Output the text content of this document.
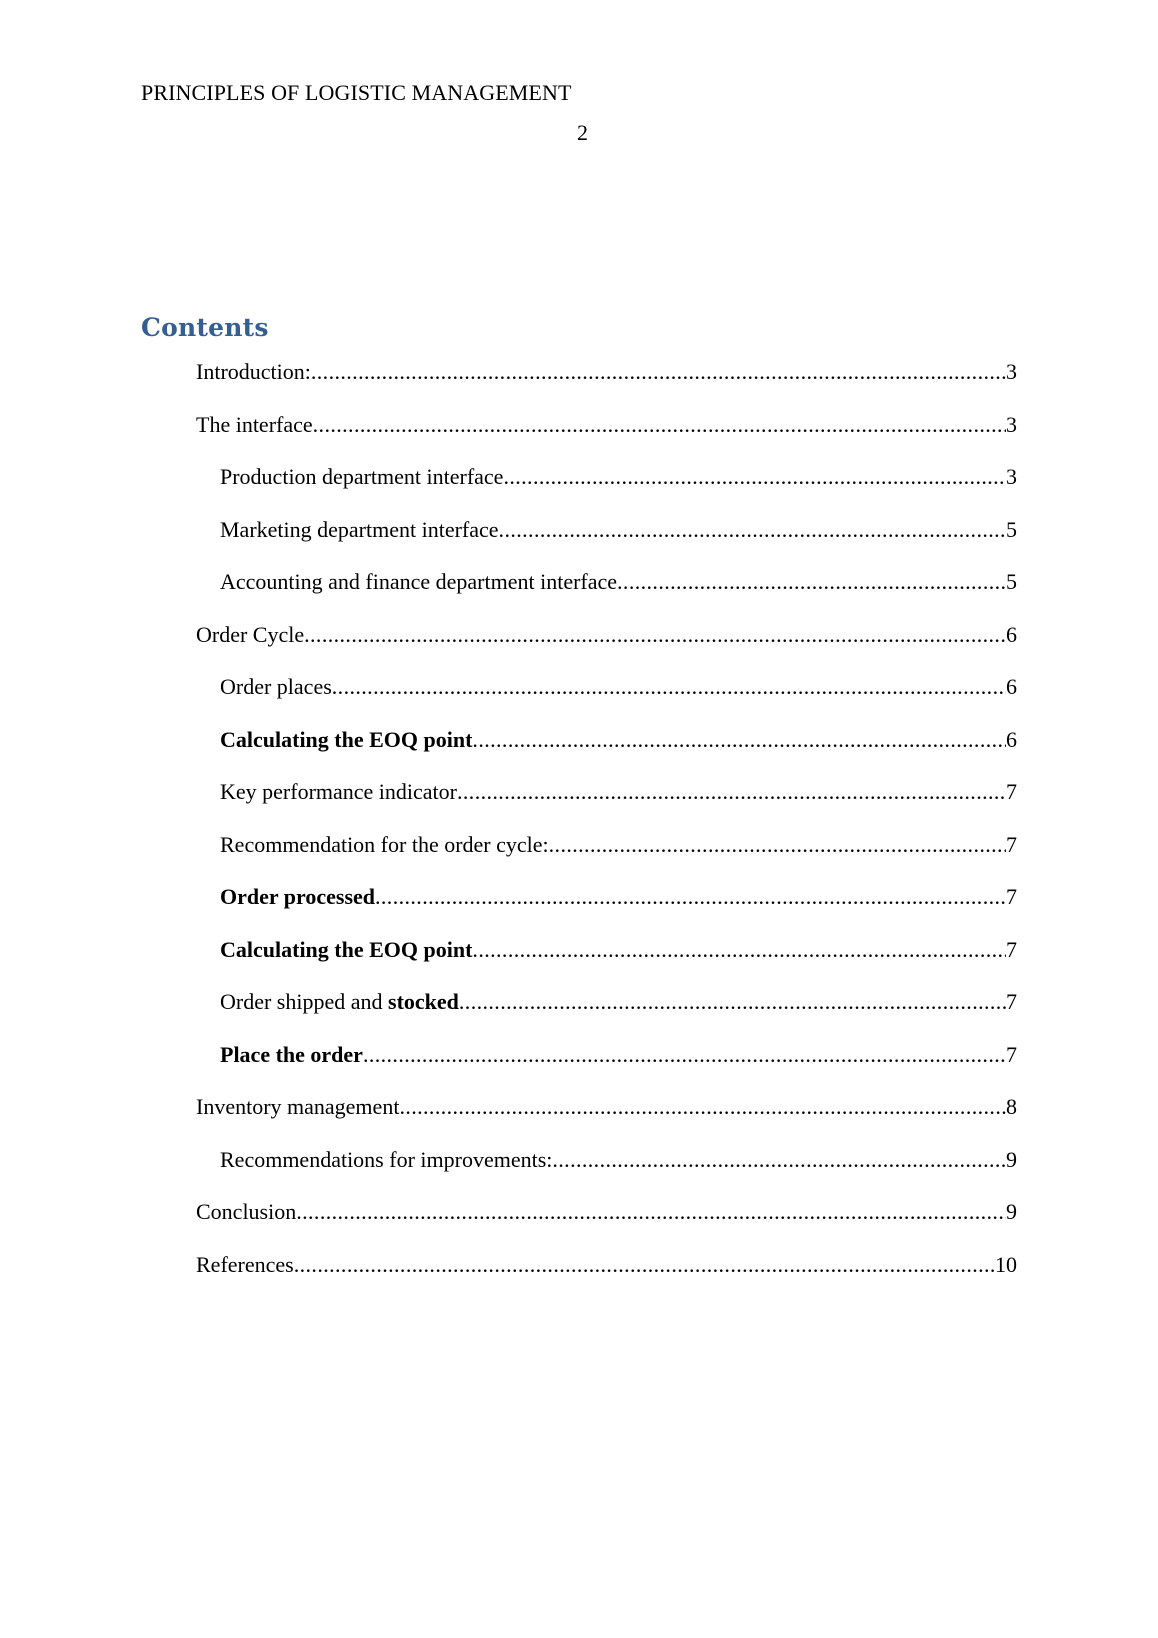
PRINCIPLES OF LOGISTIC MANAGEMENT
2
Contents
Introduction: .....	3
The interface .....	3
Production department interface .....	3
Marketing department interface .....	5
Accounting and finance department interface .....	5
Order Cycle .....	6
Order places .....	6
Calculating the EOQ point .....	6
Key performance indicator .....	7
Recommendation for the order cycle: .....	7
Order processed .....	7
Calculating the EOQ point .....	7
Order shipped and stocked .....	7
Place the order .....	7
Inventory management .....	8
Recommendations for improvements: .....	9
Conclusion .....	9
References .....	10
